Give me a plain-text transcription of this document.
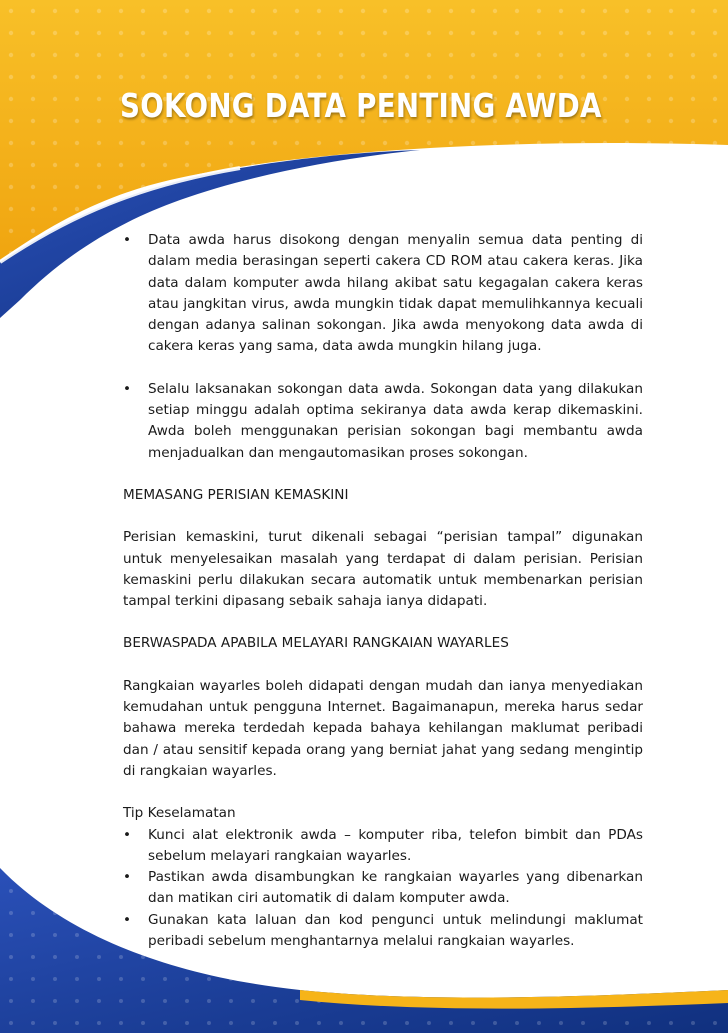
SOKONG DATA PENTING AWDA
• Data awda harus disokong dengan menyalin semua data penting di dalam media berasingan seperti cakera CD ROM atau cakera keras. Jika data dalam komputer awda hilang akibat satu kegagalan cakera keras atau jangkitan virus, awda mungkin tidak dapat memulihkannya kecuali dengan adanya salinan sokongan. Jika awda menyokong data awda di cakera keras yang sama, data awda mungkin hilang juga.
• Selalu laksanakan sokongan data awda. Sokongan data yang dilakukan setiap minggu adalah optima sekiranya data awda kerap dikemaskini. Awda boleh menggunakan perisian sokongan bagi membantu awda menjadualkan dan mengautomasikan proses sokongan.

MEMASANG PERISIAN KEMASKINI

Perisian kemaskini, turut dikenali sebagai “perisian tampal” digunakan untuk menyelesaikan masalah yang terdapat di dalam perisian. Perisian kemaskini perlu dilakukan secara automatik untuk membenarkan perisian tampal terkini dipasang sebaik sahaja ianya didapati.

BERWASPADA APABILA MELAYARI RANGKAIAN WAYARLES

Rangkaian wayarles boleh didapati dengan mudah dan ianya menyediakan kemudahan untuk pengguna Internet. Bagaimanapun, mereka harus sedar bahawa mereka terdedah kepada bahaya kehilangan maklumat peribadi dan / atau sensitif kepada orang yang berniat jahat yang sedang mengintip di rangkaian wayarles.

Tip Keselamatan

• Kunci alat elektronik awda – komputer riba, telefon bimbit dan PDAs sebelum melayari rangkaian wayarles.
• Pastikan awda disambungkan ke rangkaian wayarles yang dibenarkan dan matikan ciri automatik di dalam komputer awda.
• Gunakan kata laluan dan kod pengunci untuk melindungi maklumat peribadi sebelum menghantarnya melalui rangkaian wayarles.
